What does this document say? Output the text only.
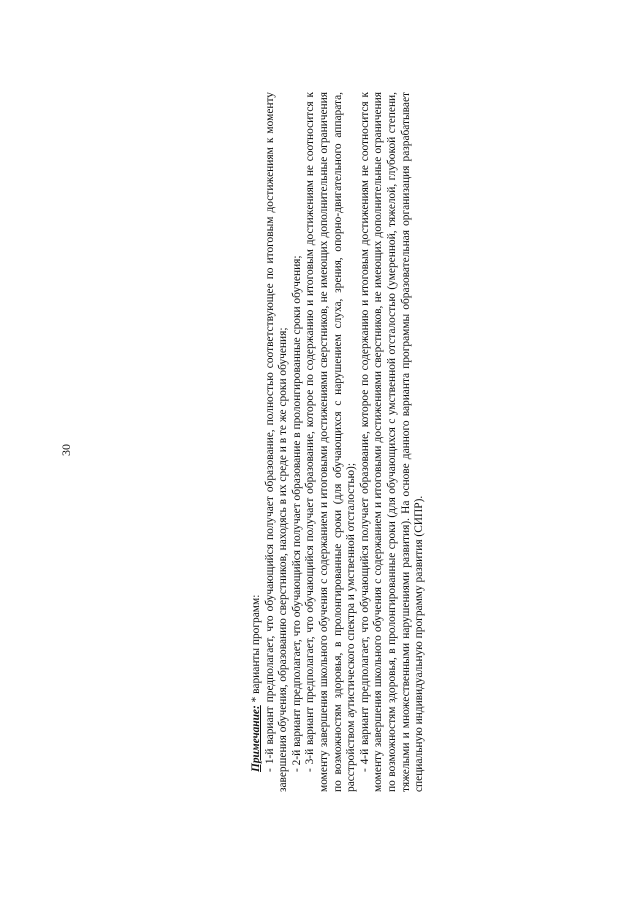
30

Примечание: * варианты программ: - 1-й вариант предполагает, что обучающийся получает образование, полностью соответствующее по итоговым достижениям к моменту завершения обучения, образованию сверстников, находясь в их среде и в те же сроки обучения; - 2-й вариант предполагает, что обучающийся получает образование в пролонгированные сроки обучения; - 3-й вариант предполагает, что обучающийся получает образование, которое по содержанию и итоговым достижениям не соотносится к моменту завершения школьного обучения с содержанием и итоговыми достижениями сверстников, не имеющих дополнительные ограничения по возможностям здоровья, в пролонгированные сроки (для обучающихся с нарушением слуха, зрения, опорно-двигательного аппарата, расстройством аутистического спектра и умственной отсталостью); - 4-й вариант предполагает, что обучающийся получает образование, которое по содержанию и итоговым достижениям не соотносится к моменту завершения школьного обучения с содержанием и итоговыми достижениями сверстников, не имеющих дополнительные ограничения по возможностям здоровья, в пролонгированные сроки (для обучающихся с умственной отсталостью (умеренной, тяжелой, глубокой степени, тяжелыми и множественными нарушениями развития). На основе данного варианта программы образовательная организация разрабатывает специальную индивидуальную программу развития (СИПР).
